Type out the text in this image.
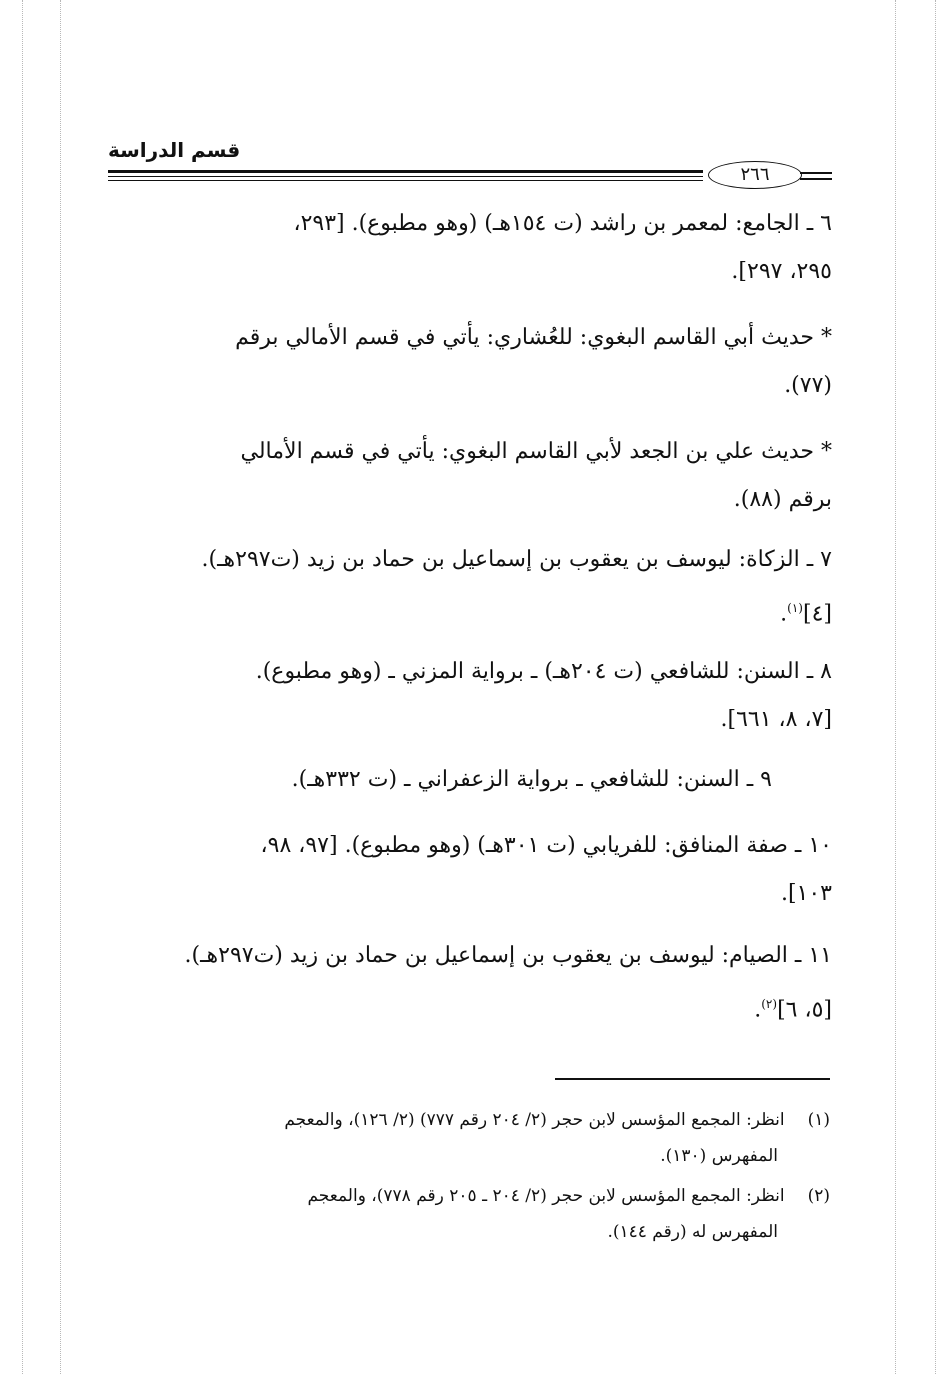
قسم الدراسة
٢٦٦
٦ ـ الجامع: لمعمر بن راشد (ت ١٥٤هـ) (وهو مطبوع). [٢٩٣،
٢٩٥، ٢٩٧].
* حديث أبي القاسم البغوي: للعُشاري: يأتي في قسم الأمالي برقم
(٧٧).
* حديث علي بن الجعد لأبي القاسم البغوي: يأتي في قسم الأمالي
برقم (٨٨).
٧ ـ الزكاة: ليوسف بن يعقوب بن إسماعيل بن حماد بن زيد (ت٢٩٧هـ).
[٤]$^{(١)}$.
٨ ـ السنن: للشافعي (ت ٢٠٤هـ) ـ برواية المزني ـ (وهو مطبوع).
[٧، ٨، ٦٦١].
٩ ـ السنن: للشافعي ـ برواية الزعفراني ـ (ت ٣٣٢هـ).
١٠ ـ صفة المنافق: للفريابي (ت ٣٠١هـ) (وهو مطبوع). [٩٧، ٩٨،
١٠٣].
١١ ـ الصيام: ليوسف بن يعقوب بن إسماعيل بن حماد بن زيد (ت٢٩٧هـ).
[٥، ٦]$^{(٢)}$.
(١) انظر: المجمع المؤسس لابن حجر (٢/ ٢٠٤ رقم ٧٧٧) (٢/ ١٢٦)، والمعجم
المفهرس (١٣٠).
(٢) انظر: المجمع المؤسس لابن حجر (٢/ ٢٠٤ ـ ٢٠٥ رقم ٧٧٨)، والمعجم
المفهرس له (رقم ١٤٤).
